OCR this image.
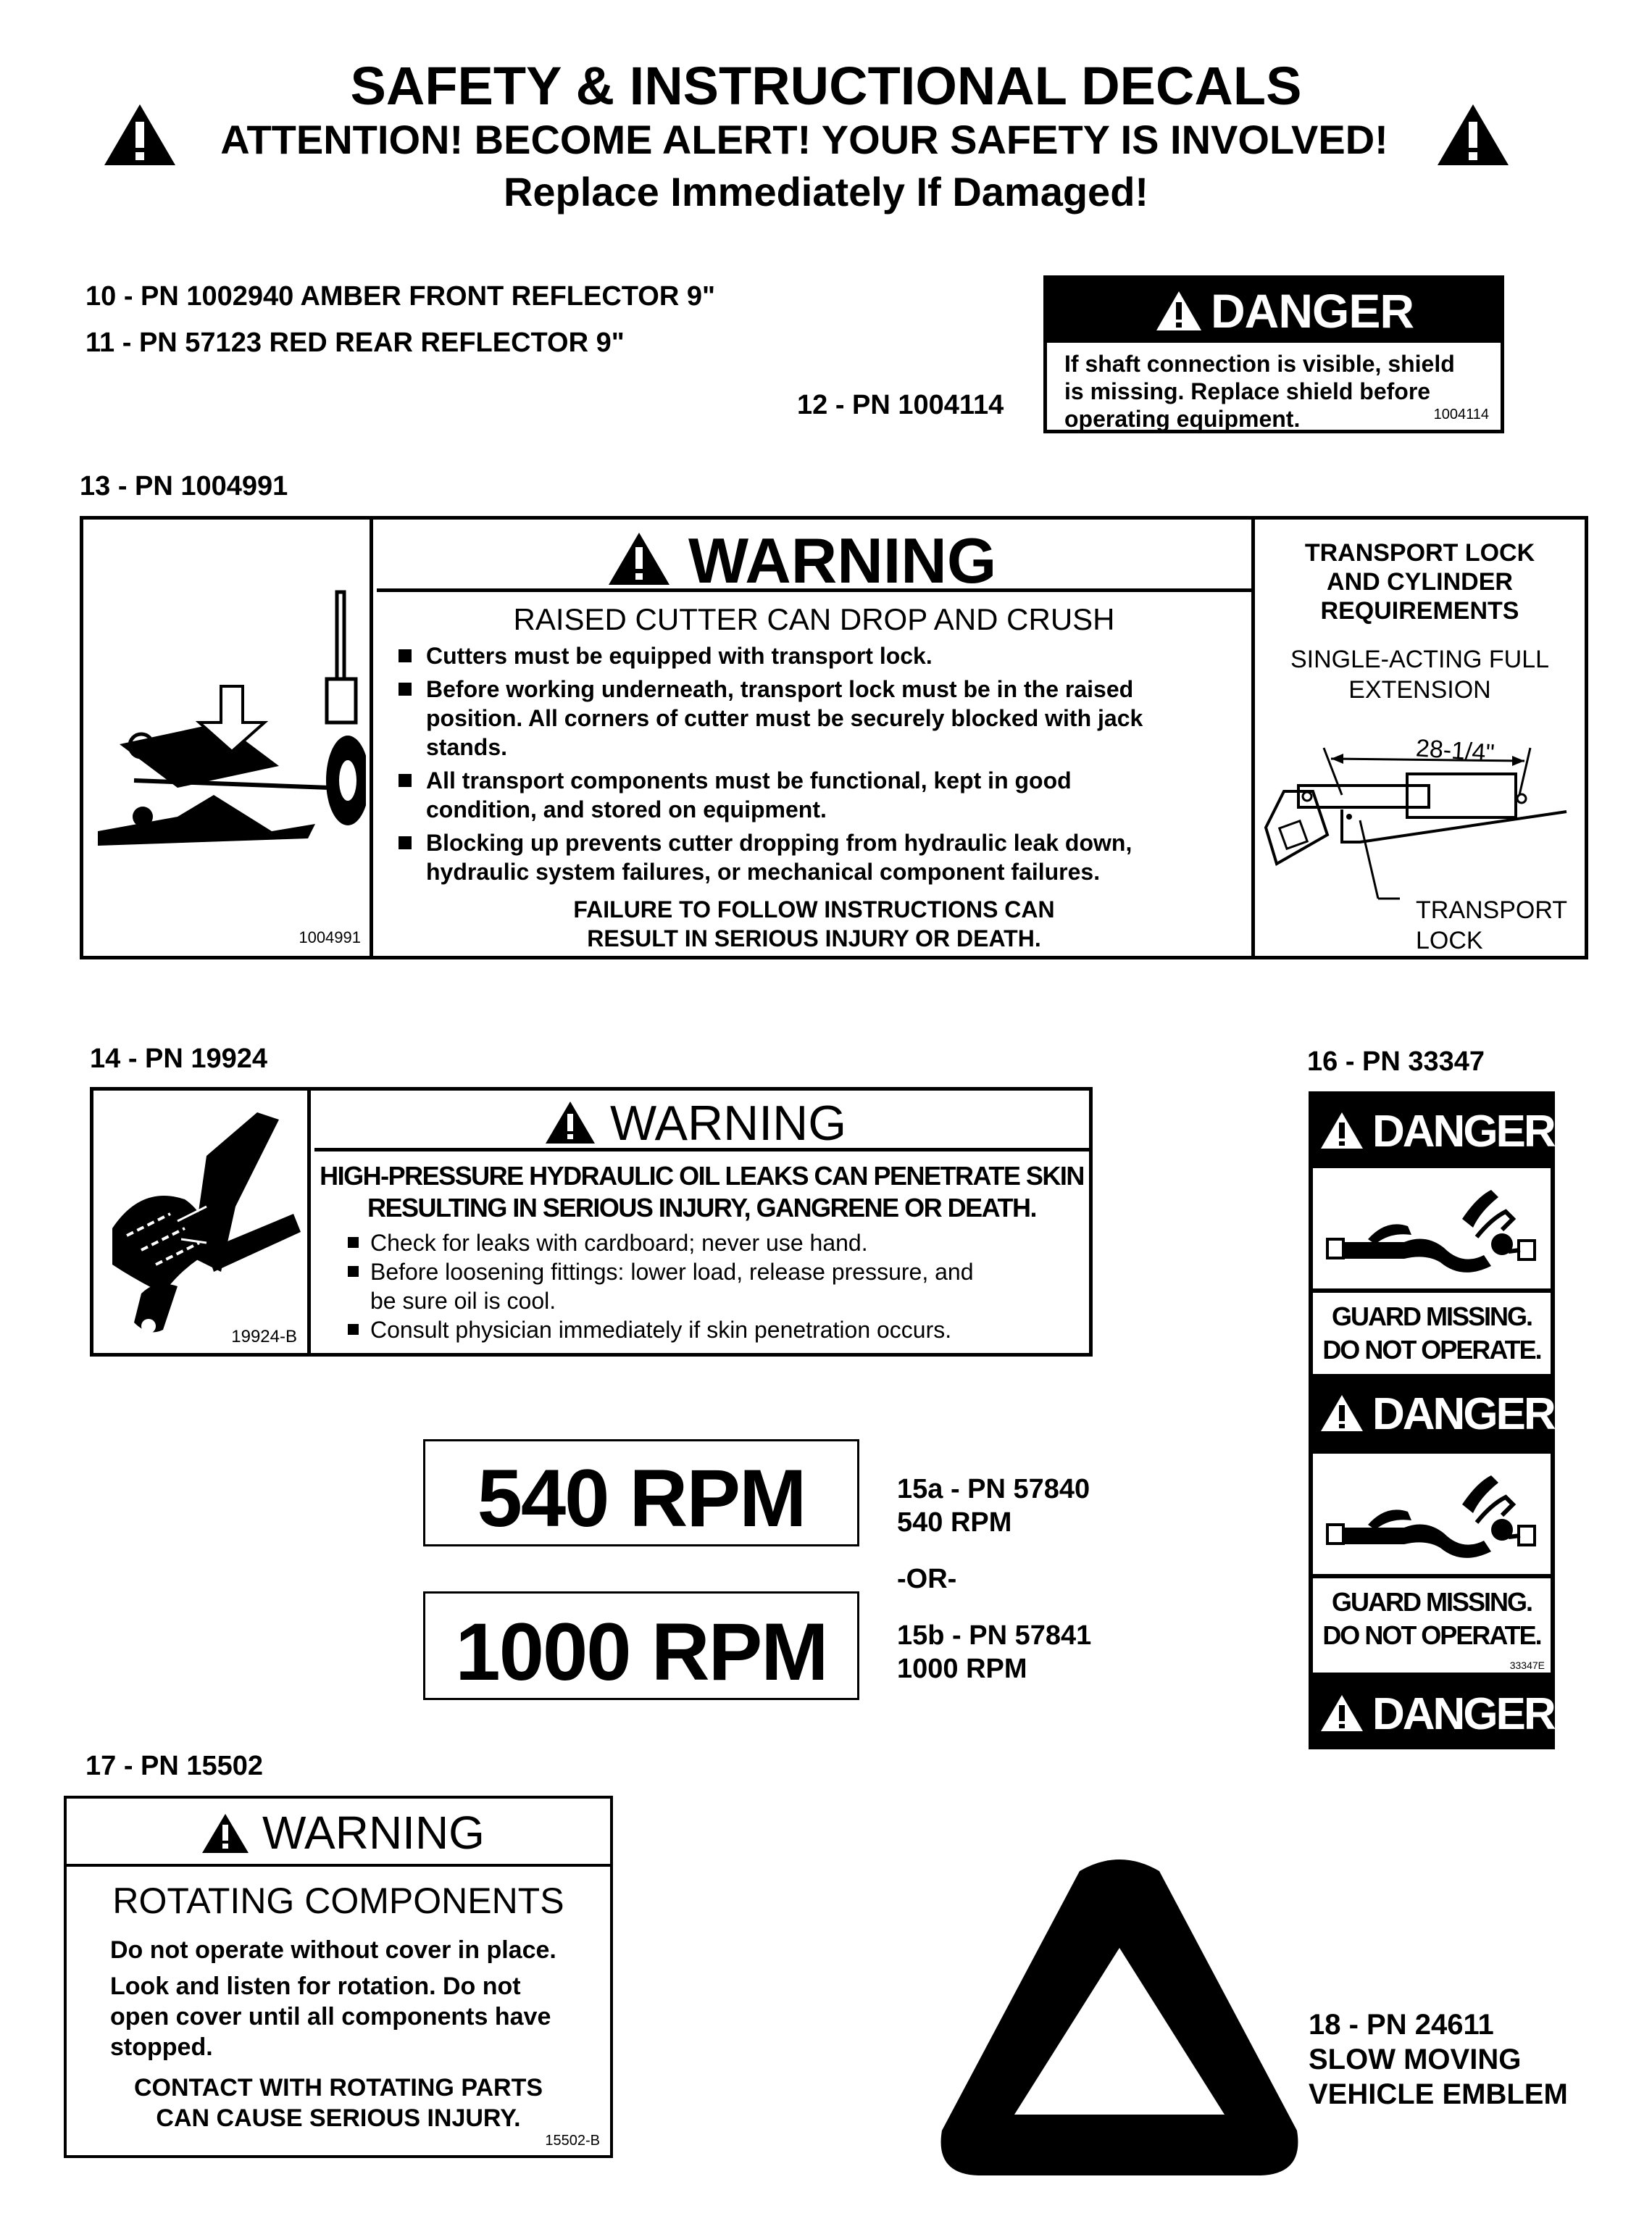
SAFETY & INSTRUCTIONAL DECALS
ATTENTION! BECOME ALERT! YOUR SAFETY IS INVOLVED!
Replace Immediately If Damaged!
10 - PN 1002940 AMBER FRONT REFLECTOR 9"
11 - PN 57123 RED REAR REFLECTOR 9"
12 - PN 1004114
DANGER
If shaft connection is visible, shield
is missing. Replace shield before
operating equipment.	1004114
13 - PN 1004991
1004991
WARNING
RAISED CUTTER CAN DROP AND CRUSH
Cutters must be equipped with transport lock.
Before working underneath, transport lock must be in the raised
position. All corners of cutter must be securely blocked with jack
stands.
All transport components must be functional, kept in good
condition, and stored on equipment.
Blocking up prevents cutter dropping from hydraulic leak down,
hydraulic system failures, or mechanical component failures.
FAILURE TO FOLLOW INSTRUCTIONS CAN
RESULT IN SERIOUS INJURY OR DEATH.
TRANSPORT LOCK
AND CYLINDER
REQUIREMENTS
SINGLE-ACTING FULL
EXTENSION
28-1/4"
TRANSPORT
LOCK
14 - PN 19924
19924-B
WARNING
HIGH-PRESSURE HYDRAULIC OIL LEAKS CAN PENETRATE SKIN
RESULTING IN SERIOUS INJURY, GANGRENE OR DEATH.
Check for leaks with cardboard; never use hand.
Before loosening fittings: lower load, release pressure, and
be sure oil is cool.
Consult physician immediately if skin penetration occurs.
16 - PN 33347
DANGER
GUARD MISSING.
DO NOT OPERATE.
DANGER
GUARD MISSING.
DO NOT OPERATE.
33347E
DANGER
540 RPM	15a - PN 57840
540 RPM
-OR-
1000 RPM	15b - PN 57841
1000 RPM
17 - PN 15502
WARNING
ROTATING COMPONENTS
Do not operate without cover in place.
Look and listen for rotation. Do not
open cover until all components have
stopped.
CONTACT WITH ROTATING PARTS
CAN CAUSE SERIOUS INJURY.
15502-B
18 - PN 24611
SLOW MOVING
VEHICLE EMBLEM
